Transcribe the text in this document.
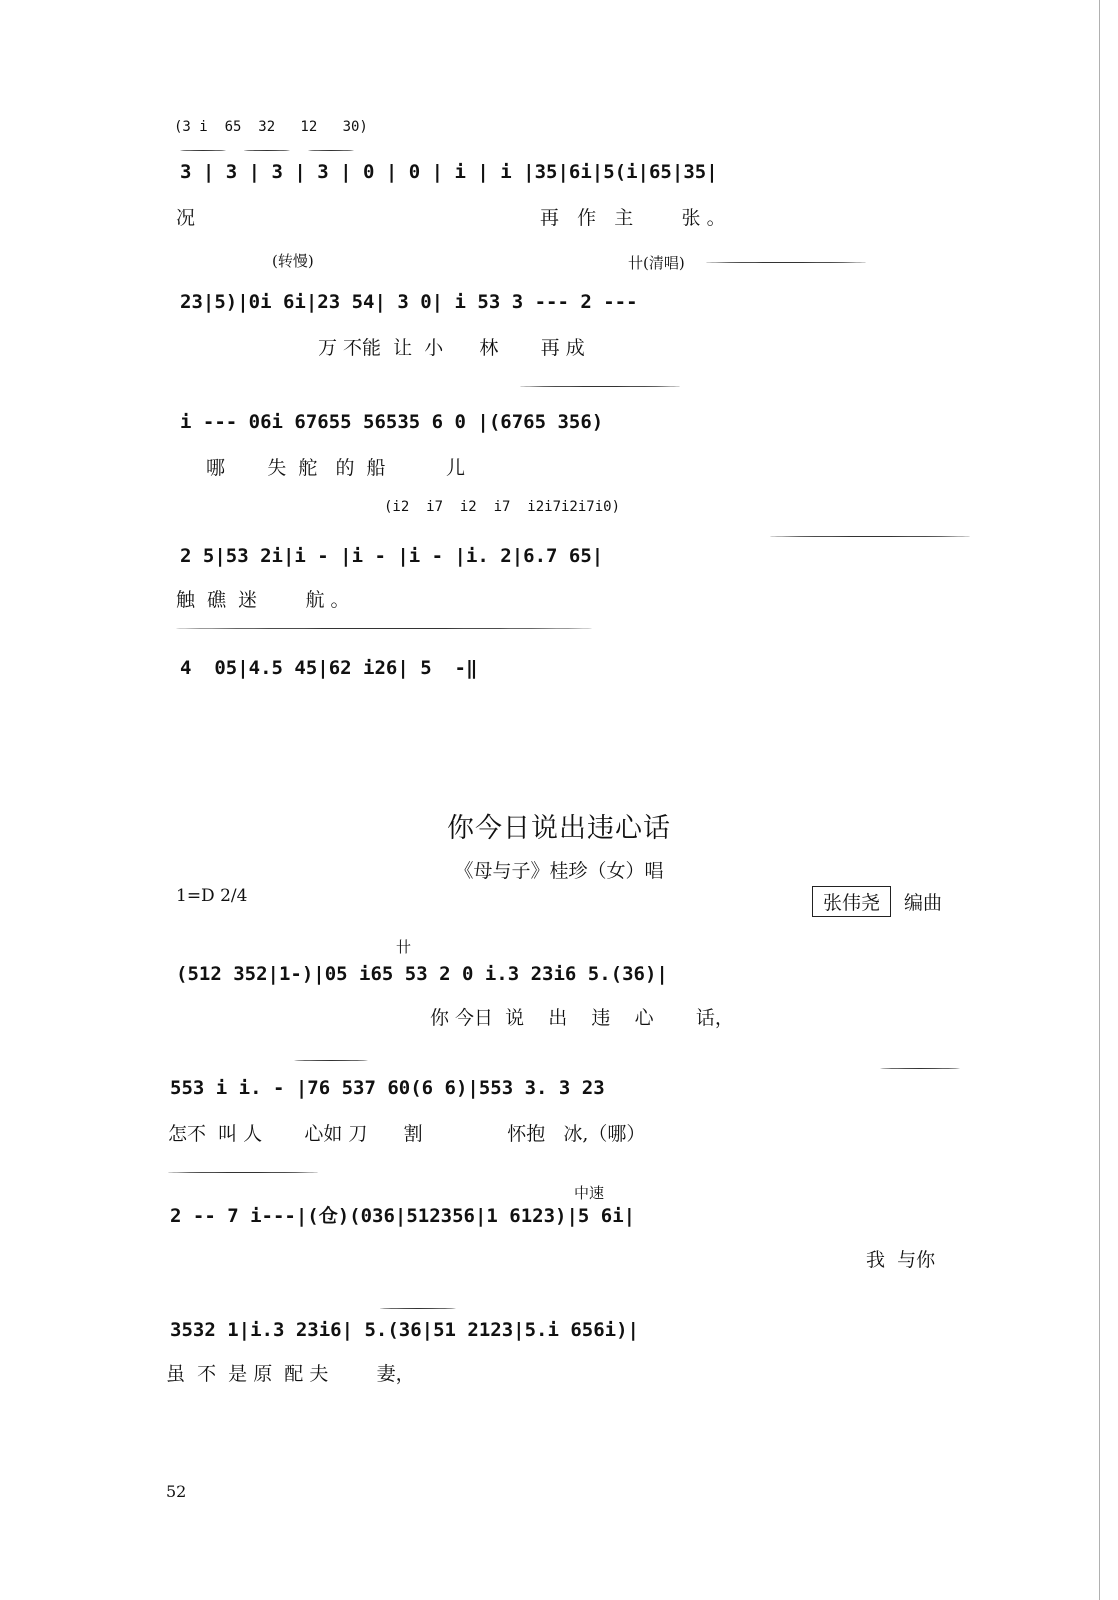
(3 i  65  32   12   30)
3 | 3 | 3 | 3 | 0 | 0 | i | i |35|6i|5(i|65|35|
况	再   作   主        张 。
(转慢)	卄(清唱)
23|5)|0i 6i|23 54| 3 0| i 53 3 --- 2 ---
万 不能  让  小      林       再 成
i --- 06i 67655 56535 6 0 |(6765 356)
哪       失  舵   的  船          儿
(i2  i7  i2  i7  i2i7i2i7i0)
2 5|53 2i|i - |i - |i - |i. 2|6.7 65|
触  礁  迷        航 。
4  05|4.5 45|62 i26| 5  -‖
你今日说出违心话
《母与子》桂珍（女）唱
1=D 2/4	张伟尧	编曲
卄
(512 352|1-)|05 i65 53 2 0 i.3 23i6 5.(36)|
你 今日  说    出    违    心       话，
553 i i. - |76 537 60(6 6)|553 3. 3 23
怎不  叫 人       心如 刀      割              怀抱   冰,（哪）
中速
2 -- 7 i---|(仓)(036|512356|1 6123)|5 6i|
我  与你
3532 1|i.3 23i6| 5.(36|51 2123|5.i 656i)|
虽  不  是 原  配 夫        妻，
52
